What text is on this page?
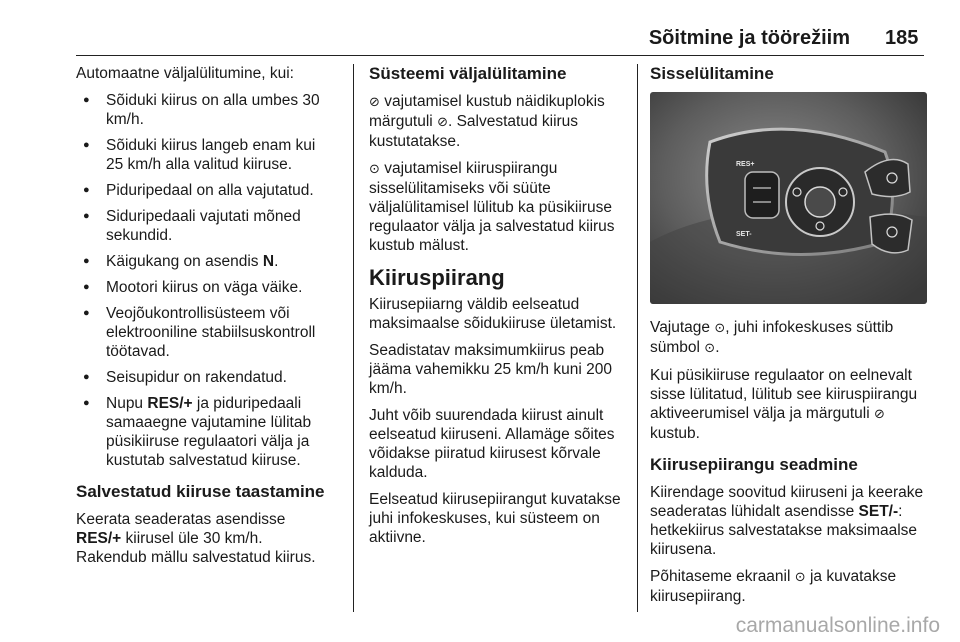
Sõitmine ja töörežiim 185

Automaatne väljalülitumine, kui:

● Sõiduki kiirus on alla umbes 30 km/h.
● Sõiduki kiirus langeb enam kui 25 km/h alla valitud kiiruse.
● Piduripedaal on alla vajutatud.
● Siduripedaali vajutati mõned sekundid.
● Käigukang on asendis N.
● Mootori kiirus on väga väike.
● Veojõukontrollisüsteem või elektrooniline stabiilsuskontroll töötavad.
● Seisupidur on rakendatud.
● Nupu RES/+ ja piduripedaali samaaegne vajutamine lülitab püsikiiruse regulaatori välja ja kustutab salvestatud kiiruse.
Salvestatud kiiruse taastamine

Keerata seaderatas asendisse RES/+ kiirusel üle 30 km/h. Rakendub mällu salvestatud kiirus.

Süsteemi väljalülitamine

⊘ vajutamisel kustub näidikuplokis märgutuli ⊘. Salvestatud kiirus kustutatakse.

⊙ vajutamisel kiiruspiirangu sisselülitamiseks või süüte väljalülitamisel lülitub ka püsikiiruse regulaator välja ja salvestatud kiirus kustub mälust.

Kiiruspiirang

Kiirusepiiarng väldib eelseatud maksimaalse sõidukiiruse ületamist.

Seadistatav maksimumkiirus peab jääma vahemikku 25 km/h kuni 200 km/h.

Juht võib suurendada kiirust ainult eelseatud kiiruseni. Allamäge sõites võidakse piiratud kiirusest kõrvale kalduda.

Eelseatud kiirusepiirangut kuvatakse juhi infokeskuses, kui süsteem on aktiivne.

Sisselülitamine
RES+
SET-

Vajutage ⊙, juhi infokeskuses süttib sümbol ⊙.

Kui püsikiiruse regulaator on eelnevalt sisse lülitatud, lülitub see kiiruspiirangu aktiveerumisel välja ja märgutuli ⊘ kustub.

Kiirusepiirangu seadmine

Kiirendage soovitud kiiruseni ja keerake seaderatas lühidalt asendisse SET/-: hetkekiirus salvestatakse maksimaalse kiirusena.

Põhitaseme ekraanil ⊙ ja kuvatakse kiirusepiirang.

carmanualsonline.info
